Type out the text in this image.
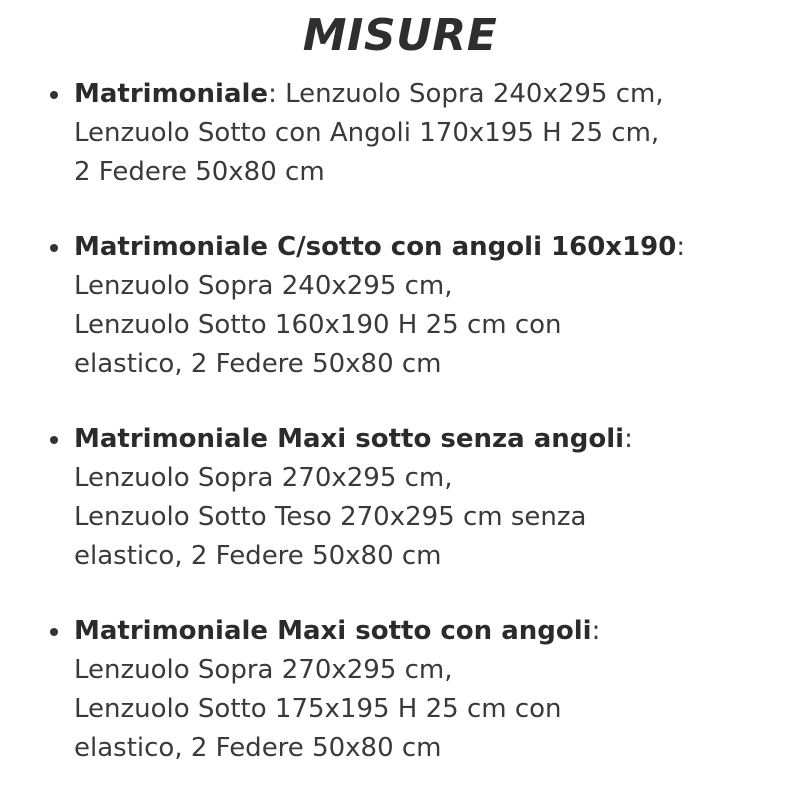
MISURE
Matrimoniale: Lenzuolo Sopra 240x295 cm,
Lenzuolo Sotto con Angoli 170x195 H 25 cm,
2 Federe 50x80 cm
Matrimoniale C/sotto con angoli 160x190:
Lenzuolo Sopra 240x295 cm,
Lenzuolo Sotto 160x190 H 25 cm con
elastico, 2 Federe 50x80 cm
Matrimoniale Maxi sotto senza angoli:
Lenzuolo Sopra 270x295 cm,
Lenzuolo Sotto Teso 270x295 cm senza
elastico, 2 Federe 50x80 cm
Matrimoniale Maxi sotto con angoli:
Lenzuolo Sopra 270x295 cm,
Lenzuolo Sotto 175x195 H 25 cm con
elastico, 2 Federe 50x80 cm
